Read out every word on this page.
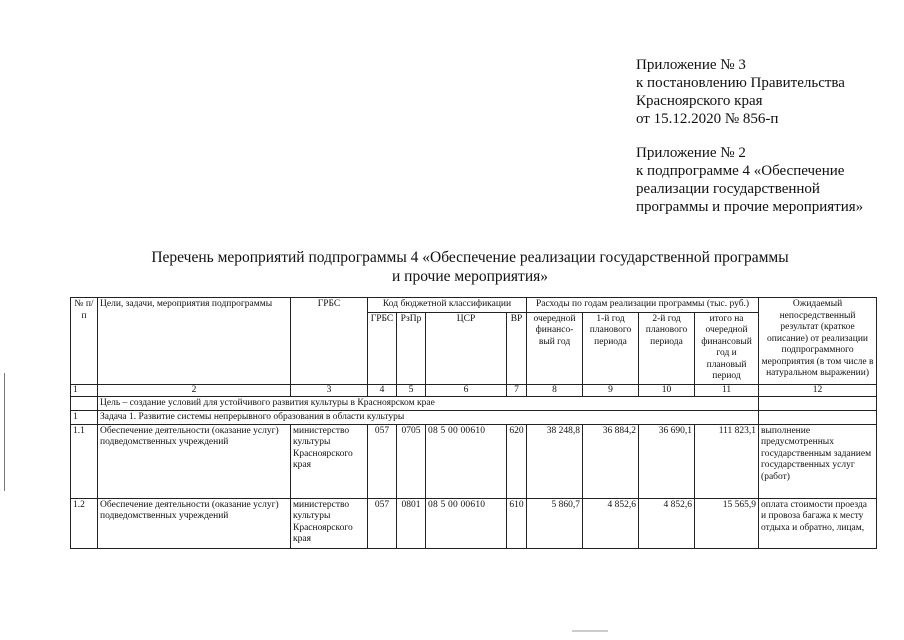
Приложение № 3
к постановлению Правительства
Красноярского края
от 15.12.2020 № 856-п
Приложение № 2
к подпрограмме 4 «Обеспечение
реализации государственной
программы и прочие мероприятия»
Перечень мероприятий подпрограммы 4 «Обеспечение реализации государственной программы
и прочие мероприятия»
№ п/п	Цели, задачи, мероприятия подпрограммы	ГРБС	Код бюджетной классификации				Расходы по годам реализации программы (тыс. руб.)				Ожидаемый непосредственный результат (краткое описание) от реализации подпрограммного мероприятия (в том числе в натуральном выражении)
			ГРБС	РзПр	ЦСР	ВР	очередной финансо-вый год	1-й год планового периода	2-й год планового периода	итого на очередной финансовый год и плановый период	
1	2	3	4	5	6	7	8	9	10	11	12
	Цель – создание условий для устойчивого развития культуры в Красноярском крае										
1	Задача 1. Развитие системы непрерывного образования в области культуры										
1.1	Обеспечение деятельности (оказание услуг) подведомственных учреждений	министерство культуры Красноярского края	057	0705	08 5 00 00610	620	38 248,8	36 884,2	36 690,1	111 823,1	выполнение предусмотренных государственным заданием государственных услуг (работ)
1.2	Обеспечение деятельности (оказание услуг) подведомственных учреждений	министерство культуры Красноярского края	057	0801	08 5 00 00610	610	5 860,7	4 852,6	4 852,6	15 565,9	оплата стоимости проезда и провоза багажа к месту отдыха и обратно, лицам,
